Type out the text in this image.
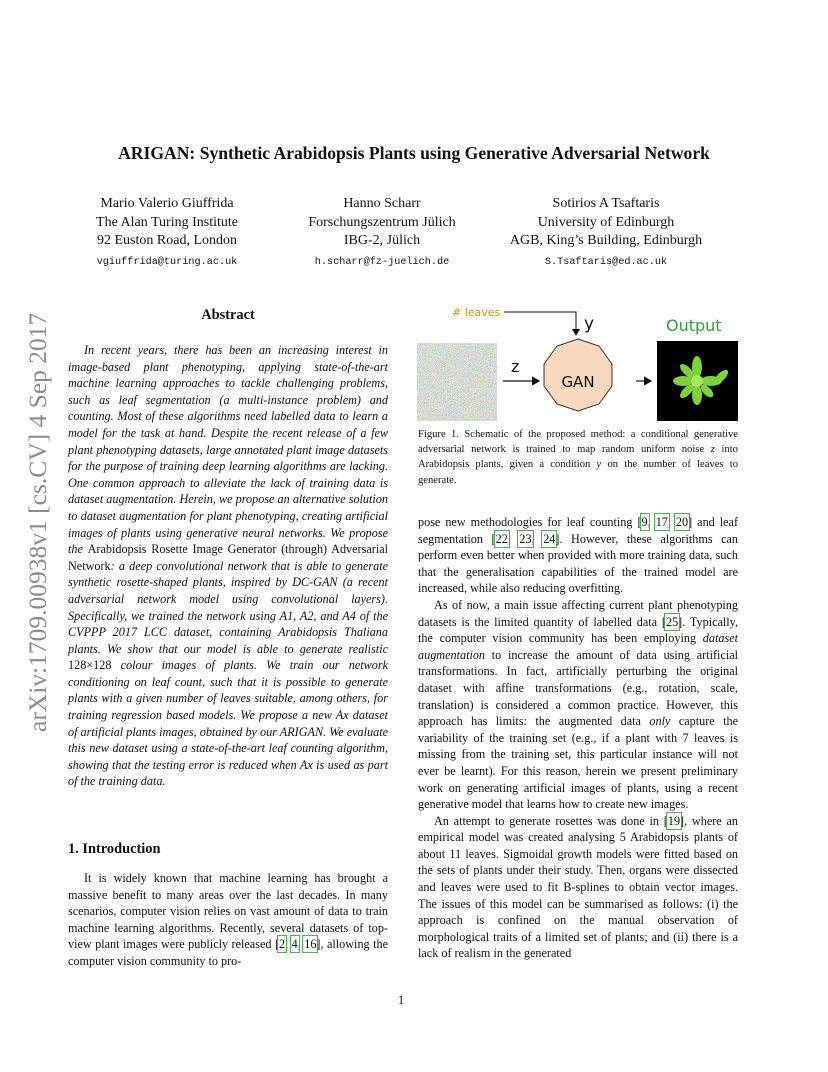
arXiv:1709.00938v1 [cs.CV] 4 Sep 2017
ARIGAN: Synthetic Arabidopsis Plants using Generative Adversarial Network
Mario Valerio Giuffrida
The Alan Turing Institute
92 Euston Road, London
vgiuffrida@turing.ac.uk
Hanno Scharr
Forschungszentrum Jülich
IBG-2, Jülich
h.scharr@fz-juelich.de
Sotirios A Tsaftaris
University of Edinburgh
AGB, King’s Building, Edinburgh
S.Tsaftaris@ed.ac.uk
Abstract
In recent years, there has been an increasing interest in image-based plant phenotyping, applying state-of-the-art machine learning approaches to tackle challenging problems, such as leaf segmentation (a multi-instance problem) and counting. Most of these algorithms need labelled data to learn a model for the task at hand. Despite the recent release of a few plant phenotyping datasets, large annotated plant image datasets for the purpose of training deep learning algorithms are lacking. One common approach to alleviate the lack of training data is dataset augmentation. Herein, we propose an alternative solution to dataset augmentation for plant phenotyping, creating artificial images of plants using generative neural networks. We propose the Arabidopsis Rosette Image Generator (through) Adversarial Network: a deep convolutional network that is able to generate synthetic rosette-shaped plants, inspired by DC-GAN (a recent adversarial network model using convolutional layers). Specifically, we trained the network using A1, A2, and A4 of the CVPPP 2017 LCC dataset, containing Arabidopsis Thaliana plants. We show that our model is able to generate realistic 128×128 colour images of plants. We train our network conditioning on leaf count, such that it is possible to generate plants with a given number of leaves suitable, among others, for training regression based models. We propose a new Ax dataset of artificial plants images, obtained by our ARIGAN. We evaluate this new dataset using a state-of-the-art leaf counting algorithm, showing that the testing error is reduced when Ax is used as part of the training data.
1. Introduction

It is widely known that machine learning has brought a massive benefit to many areas over the last decades. In many scenarios, computer vision relies on vast amount of data to train machine learning algorithms. Recently, several datasets of top-view plant images were publicly released [2, 4, 16], allowing the computer vision community to pro-

# leaves
y
z
GAN
Output
Figure 1. Schematic of the proposed method: a conditional generative adversarial network is trained to map random uniform noise z into Arabidopsis plants, given a condition y on the number of leaves to generate.

pose new methodologies for leaf counting [9, 17, 20] and leaf segmentation [22, 23, 24]. However, these algorithms can perform even better when provided with more training data, such that the generalisation capabilities of the trained model are increased, while also reducing overfitting.

As of now, a main issue affecting current plant phenotyping datasets is the limited quantity of labelled data [25]. Typically, the computer vision community has been employing dataset augmentation to increase the amount of data using artificial transformations. In fact, artificially perturbing the original dataset with affine transformations (e.g., rotation, scale, translation) is considered a common practice. However, this approach has limits: the augmented data only capture the variability of the training set (e.g., if a plant with 7 leaves is missing from the training set, this particular instance will not ever be learnt). For this reason, herein we present preliminary work on generating artificial images of plants, using a recent generative model that learns how to create new images.

An attempt to generate rosettes was done in [19], where an empirical model was created analysing 5 Arabidopsis plants of about 11 leaves. Sigmoidal growth models were fitted based on the sets of plants under their study. Then, organs were dissected and leaves were used to fit B-splines to obtain vector images. The issues of this model can be summarised as follows: (i) the approach is confined on the manual observation of morphological traits of a limited set of plants; and (ii) there is a lack of realism in the generated

1
